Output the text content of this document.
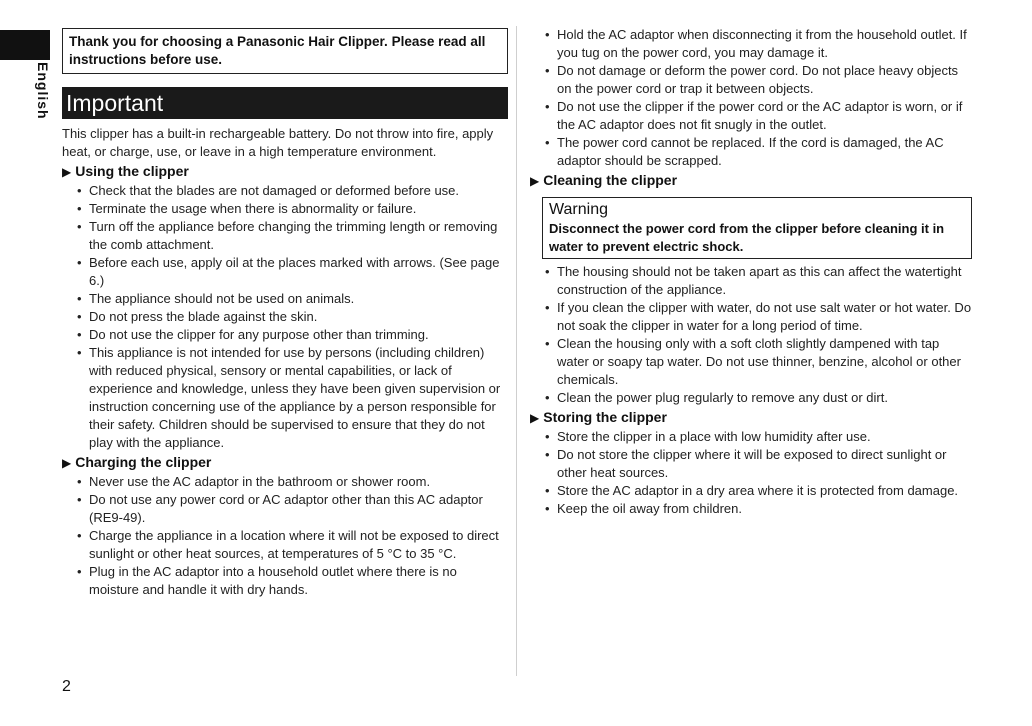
English
Thank you for choosing a Panasonic Hair Clipper. Please read all instructions before use.
Important
This clipper has a built-in rechargeable battery. Do not throw into fire, apply heat, or charge, use, or leave in a high temperature environment.
▶ Using the clipper
• Check that the blades are not damaged or deformed before use.
• Terminate the usage when there is abnormality or failure.
• Turn off the appliance before changing the trimming length or removing the comb attachment.
• Before each use, apply oil at the places marked with arrows. (See page 6.)
• The appliance should not be used on animals.
• Do not press the blade against the skin.
• Do not use the clipper for any purpose other than trimming.
• This appliance is not intended for use by persons (including children) with reduced physical, sensory or mental capabilities, or lack of experience and knowledge, unless they have been given supervision or instruction concerning use of the appliance by a person responsible for their safety. Children should be supervised to ensure that they do not play with the appliance.
▶ Charging the clipper
• Never use the AC adaptor in the bathroom or shower room.
• Do not use any power cord or AC adaptor other than this AC adaptor (RE9-49).
• Charge the appliance in a location where it will not be exposed to direct sunlight or other heat sources, at temperatures of 5 °C to 35 °C.
• Plug in the AC adaptor into a household outlet where there is no moisture and handle it with dry hands.
• Hold the AC adaptor when disconnecting it from the household outlet. If you tug on the power cord, you may damage it.
• Do not damage or deform the power cord. Do not place heavy objects on the power cord or trap it between objects.
• Do not use the clipper if the power cord or the AC adaptor is worn, or if the AC adaptor does not fit snugly in the outlet.
• The power cord cannot be replaced. If the cord is damaged, the AC adaptor should be scrapped.
▶ Cleaning the clipper
Warning
Disconnect the power cord from the clipper before cleaning it in water to prevent electric shock.
• The housing should not be taken apart as this can affect the watertight construction of the appliance.
• If you clean the clipper with water, do not use salt water or hot water. Do not soak the clipper in water for a long period of time.
• Clean the housing only with a soft cloth slightly dampened with tap water or soapy tap water. Do not use thinner, benzine, alcohol or other chemicals.
• Clean the power plug regularly to remove any dust or dirt.
▶ Storing the clipper
• Store the clipper in a place with low humidity after use.
• Do not store the clipper where it will be exposed to direct sunlight or other heat sources.
• Store the AC adaptor in a dry area where it is protected from damage.
• Keep the oil away from children.
2
